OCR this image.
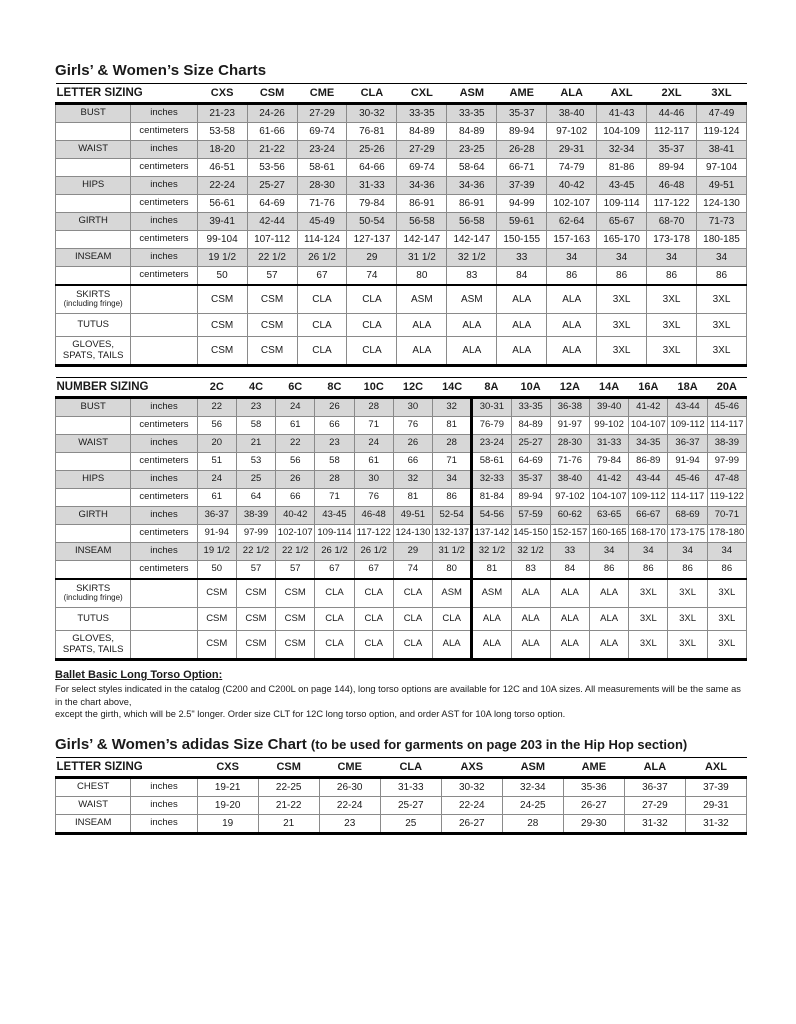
Girls’ & Women’s Size Charts
LETTER SIZING		CXS	CSM	CME	CLA	CXL	ASM	AME	ALA	AXL	2XL	3XL
BUST	inches	21-23	24-26	27-29	30-32	33-35	33-35	35-37	38-40	41-43	44-46	47-49
	centimeters	53-58	61-66	69-74	76-81	84-89	84-89	89-94	97-102	104-109	112-117	119-124
WAIST	inches	18-20	21-22	23-24	25-26	27-29	23-25	26-28	29-31	32-34	35-37	38-41
	centimeters	46-51	53-56	58-61	64-66	69-74	58-64	66-71	74-79	81-86	89-94	97-104
HIPS	inches	22-24	25-27	28-30	31-33	34-36	34-36	37-39	40-42	43-45	46-48	49-51
	centimeters	56-61	64-69	71-76	79-84	86-91	86-91	94-99	102-107	109-114	117-122	124-130
GIRTH	inches	39-41	42-44	45-49	50-54	56-58	56-58	59-61	62-64	65-67	68-70	71-73
	centimeters	99-104	107-112	114-124	127-137	142-147	142-147	150-155	157-163	165-170	173-178	180-185
INSEAM	inches	19 1/2	22 1/2	26 1/2	29	31 1/2	32 1/2	33	34	34	34	34
	centimeters	50	57	67	74	80	83	84	86	86	86	86
SKIRTS
(including fringe)		CSM	CSM	CLA	CLA	ASM	ASM	ALA	ALA	3XL	3XL	3XL
TUTUS		CSM	CSM	CLA	CLA	ALA	ALA	ALA	ALA	3XL	3XL	3XL
GLOVES, SPATS, TAILS		CSM	CSM	CLA	CLA	ALA	ALA	ALA	ALA	3XL	3XL	3XL
NUMBER SIZING		2C	4C	6C	8C	10C	12C	14C	8A	10A	12A	14A	16A	18A	20A
BUST	inches	22	23	24	26	28	30	32	30-31	33-35	36-38	39-40	41-42	43-44	45-46
	centimeters	56	58	61	66	71	76	81	76-79	84-89	91-97	99-102	104-107	109-112	114-117
WAIST	inches	20	21	22	23	24	26	28	23-24	25-27	28-30	31-33	34-35	36-37	38-39
	centimeters	51	53	56	58	61	66	71	58-61	64-69	71-76	79-84	86-89	91-94	97-99
HIPS	inches	24	25	26	28	30	32	34	32-33	35-37	38-40	41-42	43-44	45-46	47-48
	centimeters	61	64	66	71	76	81	86	81-84	89-94	97-102	104-107	109-112	114-117	119-122
GIRTH	inches	36-37	38-39	40-42	43-45	46-48	49-51	52-54	54-56	57-59	60-62	63-65	66-67	68-69	70-71
	centimeters	91-94	97-99	102-107	109-114	117-122	124-130	132-137	137-142	145-150	152-157	160-165	168-170	173-175	178-180
INSEAM	inches	19 1/2	22 1/2	22 1/2	26 1/2	26 1/2	29	31 1/2	32 1/2	32 1/2	33	34	34	34	34
	centimeters	50	57	57	67	67	74	80	81	83	84	86	86	86	86
SKIRTS
(including fringe)		CSM	CSM	CSM	CLA	CLA	CLA	ASM	ASM	ALA	ALA	ALA	3XL	3XL	3XL
TUTUS		CSM	CSM	CSM	CLA	CLA	CLA	CLA	ALA	ALA	ALA	ALA	3XL	3XL	3XL
GLOVES, SPATS, TAILS		CSM	CSM	CSM	CLA	CLA	CLA	ALA	ALA	ALA	ALA	ALA	3XL	3XL	3XL
Ballet Basic Long Torso Option:
For select styles indicated in the catalog (C200 and C200L on page 144), long torso options are available for 12C and 10A sizes. All measurements will be the same as in the chart above,
except the girth, which will be 2.5" longer. Order size CLT for 12C long torso option, and order AST for 10A long torso option.
Girls’ & Women’s adidas Size Chart (to be used for garments on page 203 in the Hip Hop section)
LETTER SIZING		CXS	CSM	CME	CLA	AXS	ASM	AME	ALA	AXL
CHEST	inches	19-21	22-25	26-30	31-33	30-32	32-34	35-36	36-37	37-39
WAIST	inches	19-20	21-22	22-24	25-27	22-24	24-25	26-27	27-29	29-31
INSEAM	inches	19	21	23	25	26-27	28	29-30	31-32	31-32
